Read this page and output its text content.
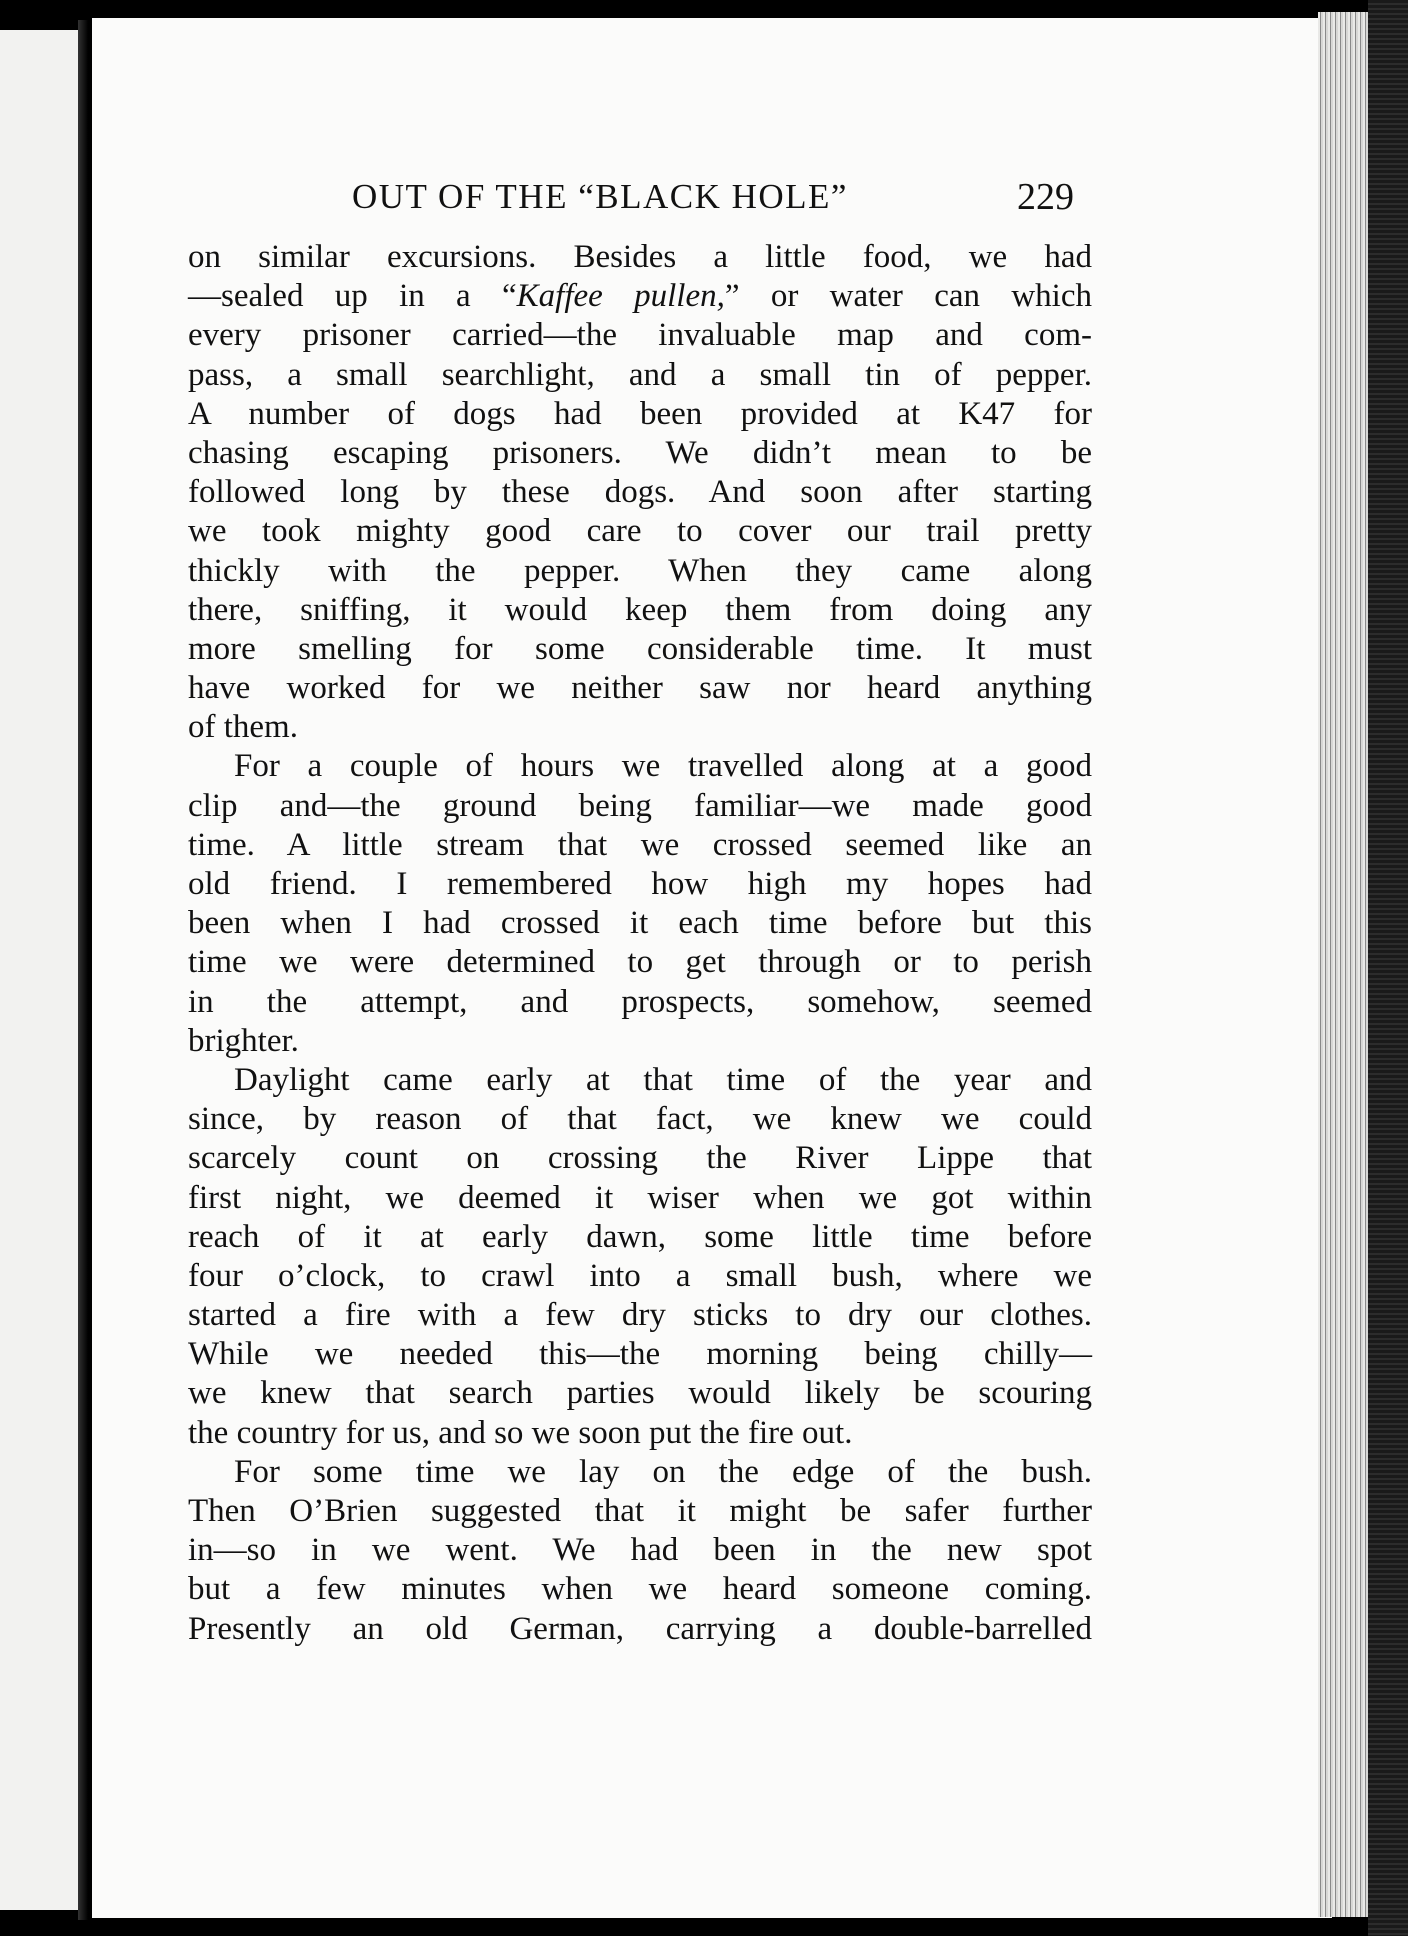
OUT OF THE “BLACK HOLE”	229
on similar excursions. Besides a little food, we had
—sealed up in a “Kaffee pullen,” or water can which
every prisoner carried—the invaluable map and com-
pass, a small searchlight, and a small tin of pepper.
A number of dogs had been provided at K47 for
chasing escaping prisoners. We didn’t mean to be
followed long by these dogs. And soon after starting
we took mighty good care to cover our trail pretty
thickly with the pepper. When they came along
there, sniffing, it would keep them from doing any
more smelling for some considerable time. It must
have worked for we neither saw nor heard anything
of them.
For a couple of hours we travelled along at a good
clip and—the ground being familiar—we made good
time. A little stream that we crossed seemed like an
old friend. I remembered how high my hopes had
been when I had crossed it each time before but this
time we were determined to get through or to perish
in the attempt, and prospects, somehow, seemed
brighter.
Daylight came early at that time of the year and
since, by reason of that fact, we knew we could
scarcely count on crossing the River Lippe that
first night, we deemed it wiser when we got within
reach of it at early dawn, some little time before
four o’clock, to crawl into a small bush, where we
started a fire with a few dry sticks to dry our clothes.
While we needed this—the morning being chilly—
we knew that search parties would likely be scouring
the country for us, and so we soon put the fire out.
For some time we lay on the edge of the bush.
Then O’Brien suggested that it might be safer further
in—so in we went. We had been in the new spot
but a few minutes when we heard someone coming.
Presently an old German, carrying a double-barrelled
